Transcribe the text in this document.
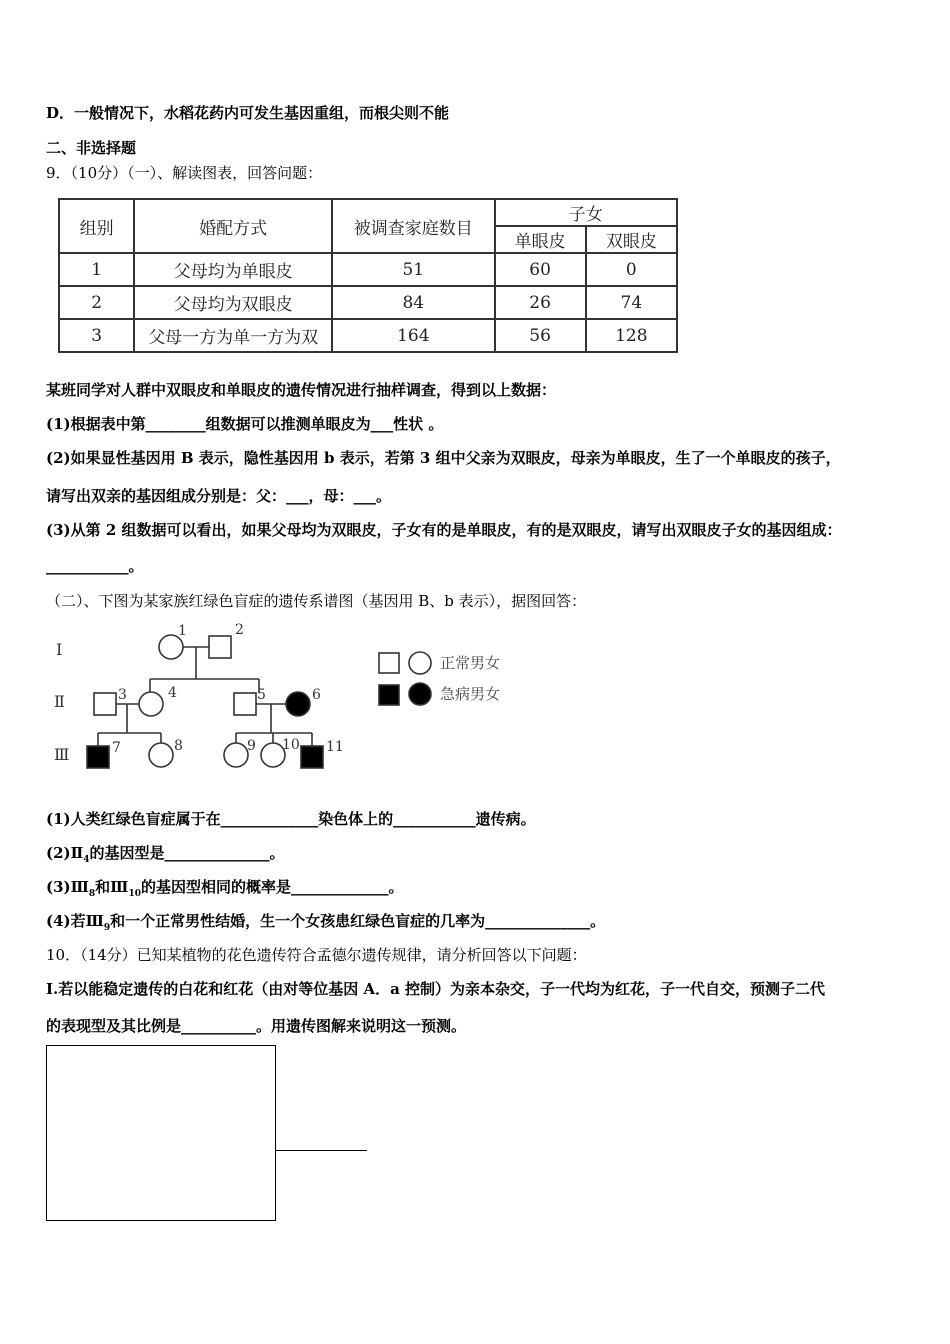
D．一般情况下，水稻花药内可发生基因重组，而根尖则不能
二、非选择题
9．（10分）（一）、解读图表，回答问题：
组别	婚配方式	被调查家庭数目	子女	
			单眼皮	双眼皮
1	父母均为单眼皮	51	60	0
2	父母均为双眼皮	84	26	74
3	父母一方为单一方为双	164	56	128
某班同学对人群中双眼皮和单眼皮的遗传情况进行抽样调查，得到以上数据：
(1)根据表中第________组数据可以推测单眼皮为___性状 。
(2)如果显性基因用 B 表示，隐性基因用 b 表示，若第 3 组中父亲为双眼皮，母亲为单眼皮，生了一个单眼皮的孩子，
请写出双亲的基因组成分别是：父：___，母：___。
(3)从第 2 组数据可以看出，如果父母均为双眼皮，子女有的是单眼皮，有的是双眼皮，请写出双眼皮子女的基因组成：
___________。
（二）、下图为某家族红绿色盲症的遗传系谱图（基因用 B、b 表示），据图回答：
Ⅰ
Ⅱ
Ⅲ
1	2
3	4	5	6
7	8	9 10 11
正常男女
急病男女
(1)人类红绿色盲症属于在_____________染色体上的___________遗传病。
$(2)Ⅱ_4$的基因型是______________。
$(3)Ⅲ_8$和$Ⅲ_{10}$的基因型相同的概率是_____________。
(4)若$Ⅲ_9$和一个正常男性结婚，生一个女孩患红绿色盲症的几率为______________。
10．（14分）已知某植物的花色遗传符合孟德尔遗传规律，请分析回答以下问题：
I.若以能稳定遗传的白花和红花（由对等位基因 A．a 控制）为亲本杂交，子一代均为红花，子一代自交，预测子二代
的表现型及其比例是__________。用遗传图解来说明这一预测。
